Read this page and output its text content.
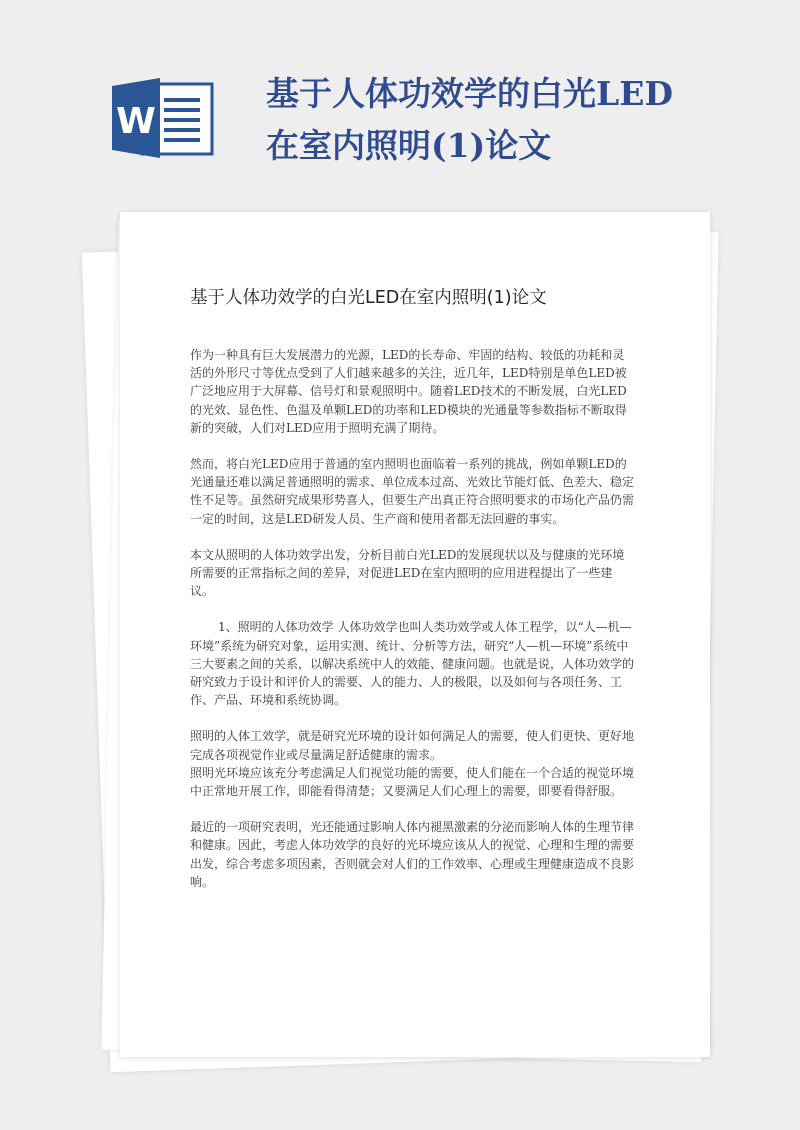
W
基于人体功效学的白光LED
在室内照明(1)论文
基于人体功效学的白光LED在室内照明(1)论文

作为一种具有巨大发展潜力的光源，LED的长寿命、牢固的结构、较低的功耗和灵活的外形尺寸等优点受到了人们越来越多的关注，近几年，LED特别是单色LED被广泛地应用于大屏幕、信号灯和景观照明中。随着LED技术的不断发展，白光LED的光效、显色性、色温及单颗LED的功率和LED模块的光通量等参数指标不断取得新的突破，人们对LED应用于照明充满了期待。

然而，将白光LED应用于普通的室内照明也面临着一系列的挑战，例如单颗LED的光通量还难以满足普通照明的需求、单位成本过高、光效比节能灯低、色差大、稳定性不足等。虽然研究成果形势喜人，但要生产出真正符合照明要求的市场化产品仍需一定的时间，这是LED研发人员、生产商和使用者都无法回避的事实。

本文从照明的人体功效学出发，分析目前白光LED的发展现状以及与健康的光环境所需要的正常指标之间的差异，对促进LED在室内照明的应用进程提出了一些建议。

1、照明的人体功效学 人体功效学也叫人类功效学或人体工程学，以“人—机—环境”系统为研究对象，运用实测、统计、分析等方法，研究“人—机—环境”系统中三大要素之间的关系，以解决系统中人的效能、健康问题。也就是说，人体功效学的研究致力于设计和评价人的需要、人的能力、人的极限，以及如何与各项任务、工作、产品、环境和系统协调。

照明的人体工效学，就是研究光环境的设计如何满足人的需要，使人们更快、更好地完成各项视觉作业或尽量满足舒适健康的需求。

照明光环境应该充分考虑满足人们视觉功能的需要，使人们能在一个合适的视觉环境中正常地开展工作，即能看得清楚；又要满足人们心理上的需要，即要看得舒服。

最近的一项研究表明，光还能通过影响人体内褪黑激素的分泌而影响人体的生理节律和健康。因此，考虑人体功效学的良好的光环境应该从人的视觉、心理和生理的需要出发，综合考虑多项因素，否则就会对人们的工作效率、心理或生理健康造成不良影响。
